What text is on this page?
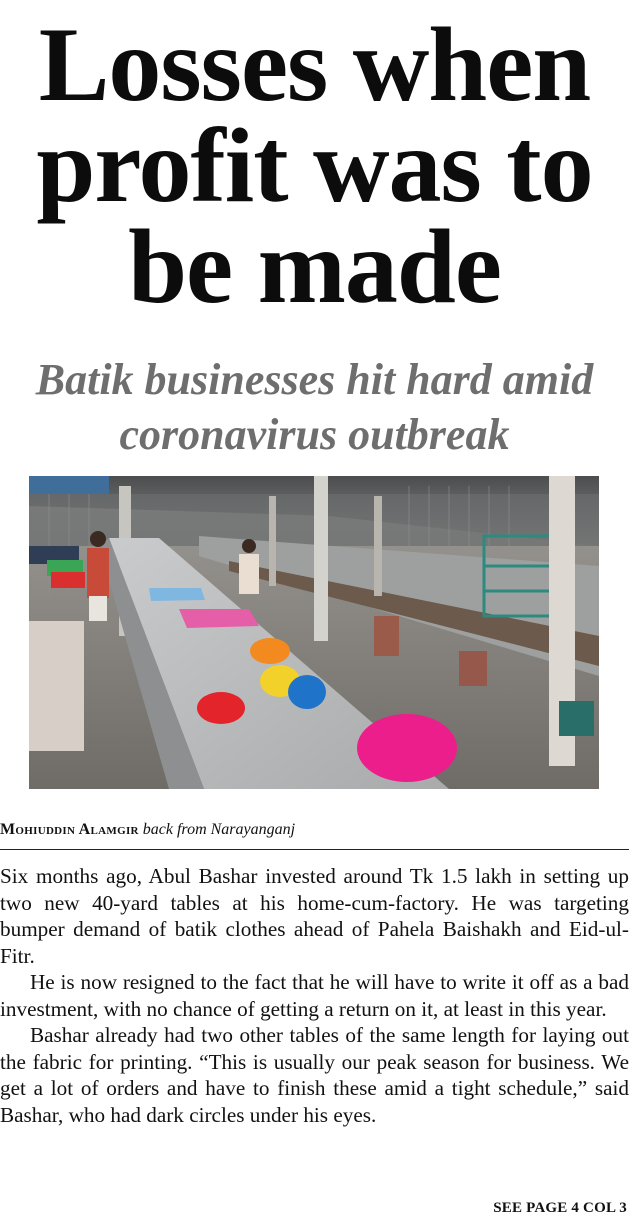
Losses when
profit was to
be made
Batik businesses hit hard amid
coronavirus outbreak
Mohiuddin Alamgir back from Narayanganj

Six months ago, Abul Bashar invested around Tk 1.5 lakh in setting up two new 40-yard tables at his home-cum-factory. He was targeting bumper demand of batik clothes ahead of Pahela Baishakh and Eid-ul-Fitr.

He is now resigned to the fact that he will have to write it off as a bad investment, with no chance of getting a return on it, at least in this year.

Bashar already had two other tables of the same length for laying out the fabric for printing. “This is usually our peak season for business. We get a lot of orders and have to finish these amid a tight schedule,” said Bashar, who had dark circles under his eyes.

SEE PAGE 4 COL 3
